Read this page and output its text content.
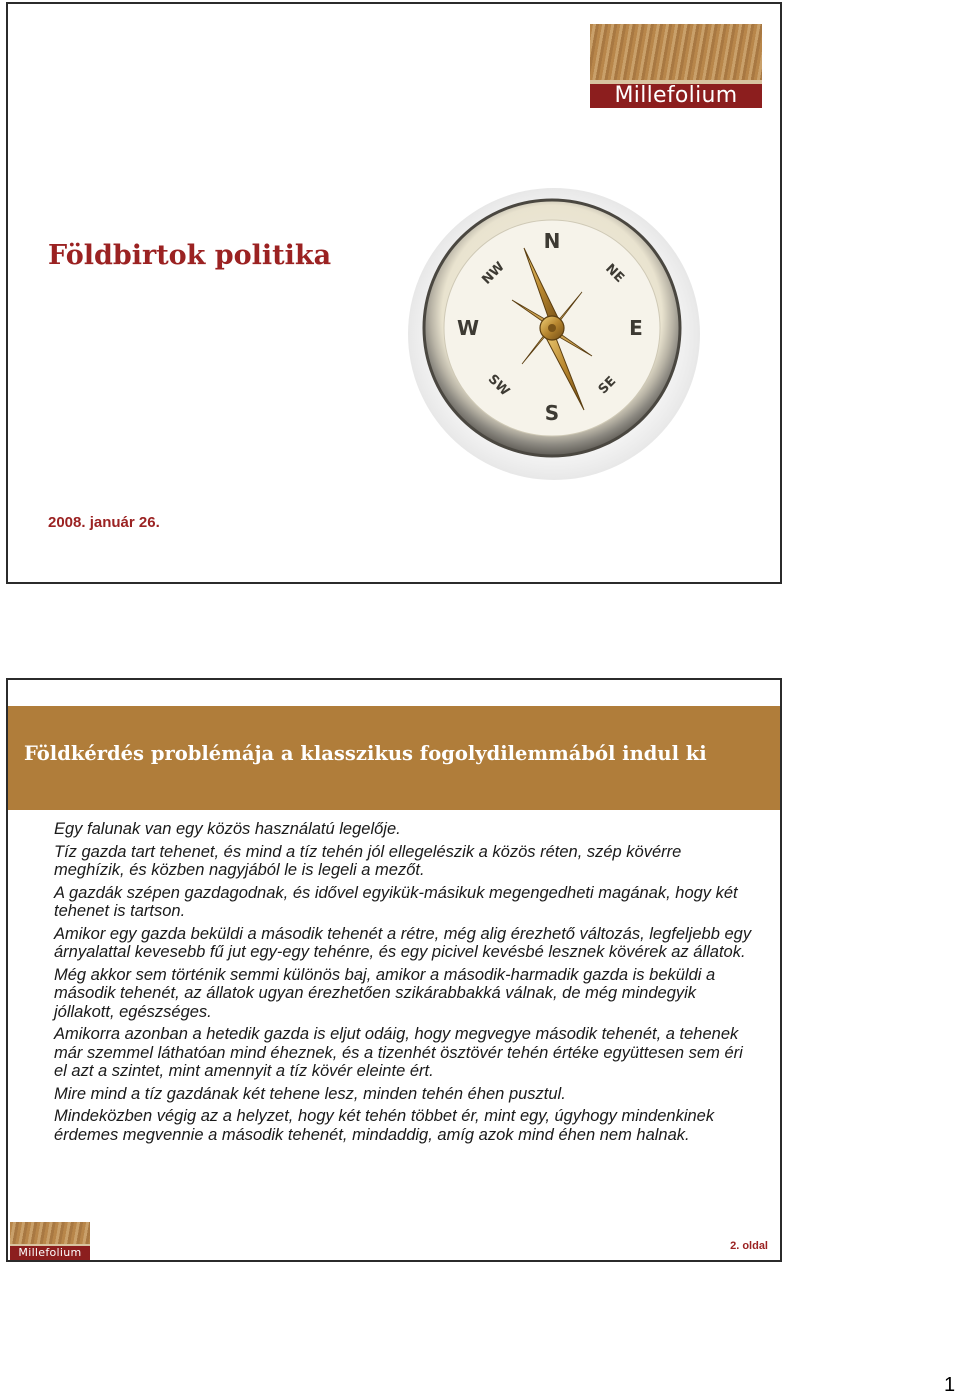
Millefolium
Földbirtok politika	N
S
E
W
NE
SE
SW
NW
2008. január 26.
Földkérdés problémája a klasszikus fogolydilemmából indul ki

Egy falunak van egy közös használatú legelője.

Tíz gazda tart tehenet, és mind a tíz tehén jól ellegelészik a közös réten, szép kövérre meghízik, és közben nagyjából le is legeli a mezőt.

A gazdák szépen gazdagodnak, és idővel egyikük-másikuk megengedheti magának, hogy két tehenet is tartson.

Amikor egy gazda beküldi a második tehenét a rétre, még alig érezhető változás, legfeljebb egy árnyalattal kevesebb fű jut egy-egy tehénre, és egy picivel kevésbé lesznek kövérek az állatok.

Még akkor sem történik semmi különös baj, amikor a második-harmadik gazda is beküldi a második tehenét, az állatok ugyan érezhetően szikárabbakká válnak, de még mindegyik jóllakott, egészséges.

Amikorra azonban a hetedik gazda is eljut odáig, hogy megvegye második tehenét, a tehenek már szemmel láthatóan mind éheznek, és a tizenhét ösztövér tehén értéke együttesen sem éri el azt a szintet, mint amennyit a tíz kövér eleinte ért.

Mire mind a tíz gazdának két tehene lesz, minden tehén éhen pusztul.

Mindeközben végig az a helyzet, hogy két tehén többet ér, mint egy, úgyhogy mindenkinek érdemes megvennie a második tehenét, mindaddig, amíg azok mind éhen nem halnak.

Millefolium	2. oldal
1
